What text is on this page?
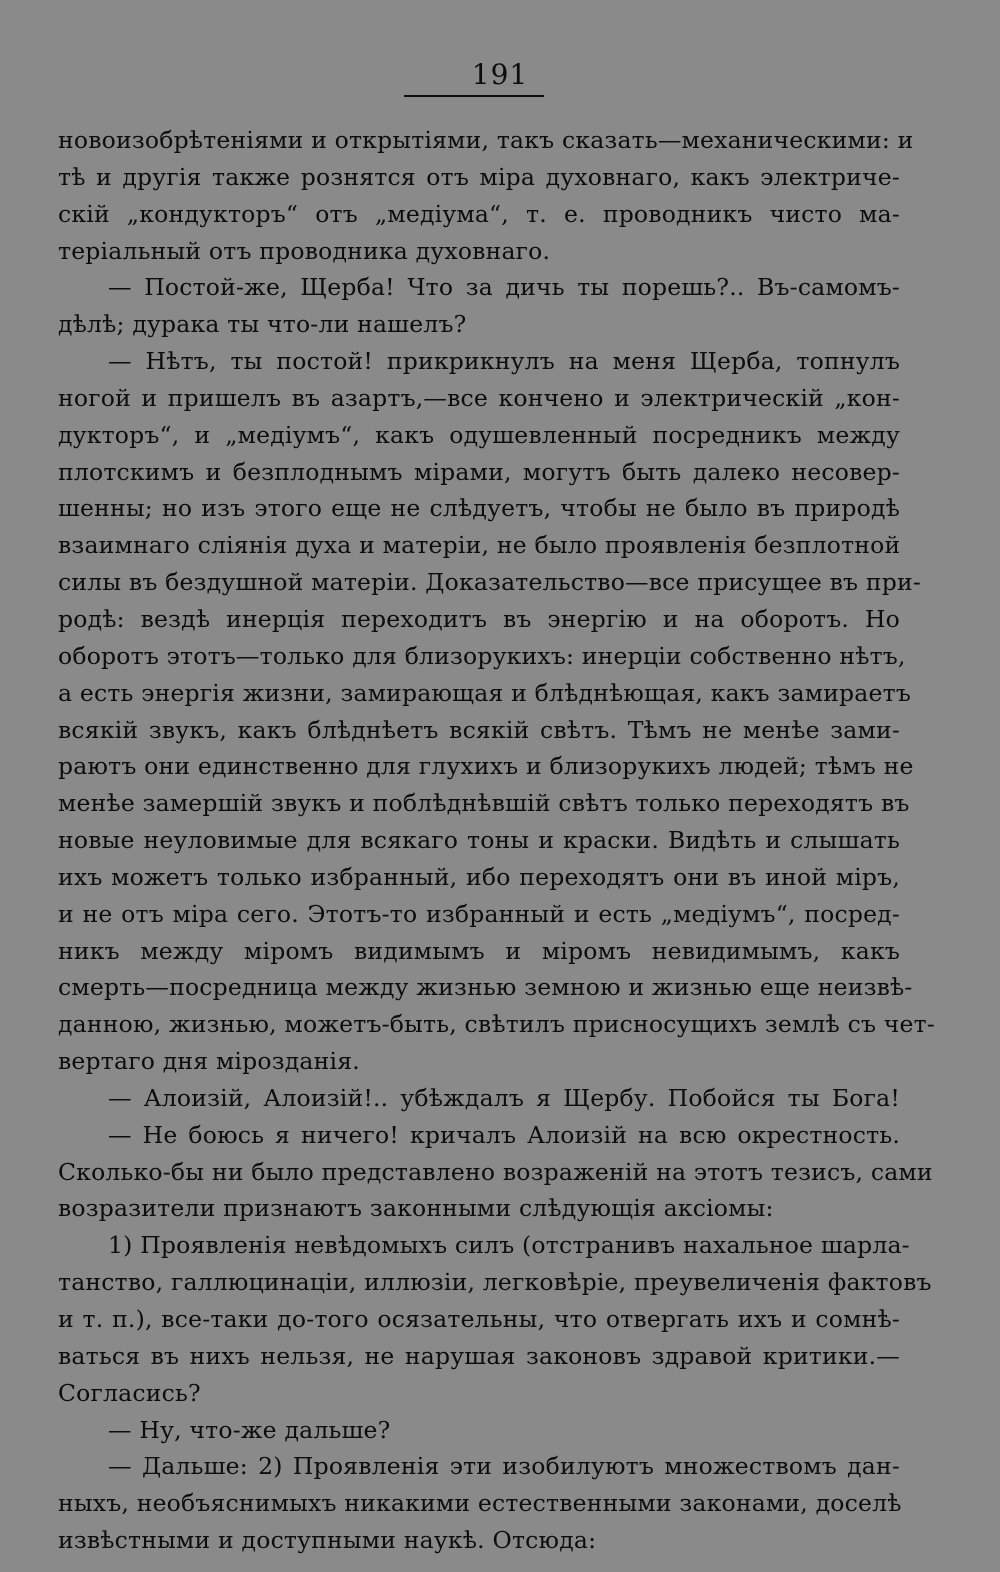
191
новоизобрѣтеніями и открытіями, такъ сказать—механическими: и
тѣ и другія также рознятся отъ міра духовнаго, какъ электриче-
скій „кондукторъ“ отъ „медіума“, т. е. проводникъ чисто ма-
теріальный отъ проводника духовнаго.
— Постой-же, Щерба! Что за дичь ты порешь?.. Въ-самомъ-
дѣлѣ; дурака ты что-ли нашелъ?
— Нѣтъ, ты постой! прикрикнулъ на меня Щерба, топнулъ
ногой и пришелъ въ азартъ,—все кончено и электрическій „кон-
дукторъ“, и „медіумъ“, какъ одушевленный посредникъ между
плотскимъ и безплоднымъ мірами, могутъ быть далеко несовер-
шенны; но изъ этого еще не слѣдуетъ, чтобы не было въ природѣ
взаимнаго сліянія духа и матеріи, не было проявленія безплотной
силы въ бездушной матеріи. Доказательство—все присущее въ при-
родѣ: вездѣ инерція переходитъ въ энергію и на оборотъ. Но
оборотъ этотъ—только для близорукихъ: инерціи собственно нѣтъ,
а есть энергія жизни, замирающая и блѣднѣющая, какъ замираетъ
всякій звукъ, какъ блѣднѣетъ всякій свѣтъ. Тѣмъ не менѣе зами-
раютъ они единственно для глухихъ и близорукихъ людей; тѣмъ не
менѣе замершій звукъ и поблѣднѣвшій свѣтъ только переходятъ въ
новые неуловимые для всякаго тоны и краски. Видѣть и слышать
ихъ можетъ только избранный, ибо переходятъ они въ иной міръ,
и не отъ міра сего. Этотъ-то избранный и есть „медіумъ“, посред-
никъ между міромъ видимымъ и міромъ невидимымъ, какъ
смерть—посредница между жизнью земною и жизнью еще неизвѣ-
данною, жизнью, можетъ-быть, свѣтилъ присносущихъ землѣ съ чет-
вертаго дня мірозданія.
— Алоизій, Алоизій!.. убѣждалъ я Щербу. Побойся ты Бога!
— Не боюсь я ничего! кричалъ Алоизій на всю окрестность.
Сколько-бы ни было представлено возраженій на этотъ тезисъ, сами
возразители признаютъ законными слѣдующія аксіомы:
1) Проявленія невѣдомыхъ силъ (отстранивъ нахальное шарла-
танство, галлюцинаціи, иллюзіи, легковѣріе, преувеличенія фактовъ
и т. п.), все-таки до-того осязательны, что отвергать ихъ и сомнѣ-
ваться въ нихъ нельзя, не нарушая законовъ здравой критики.—
Согласись?
— Ну, что-же дальше?
— Дальше: 2) Проявленія эти изобилуютъ множествомъ дан-
ныхъ, необъяснимыхъ никакими естественными законами, доселѣ
извѣстными и доступными наукѣ. Отсюда:
